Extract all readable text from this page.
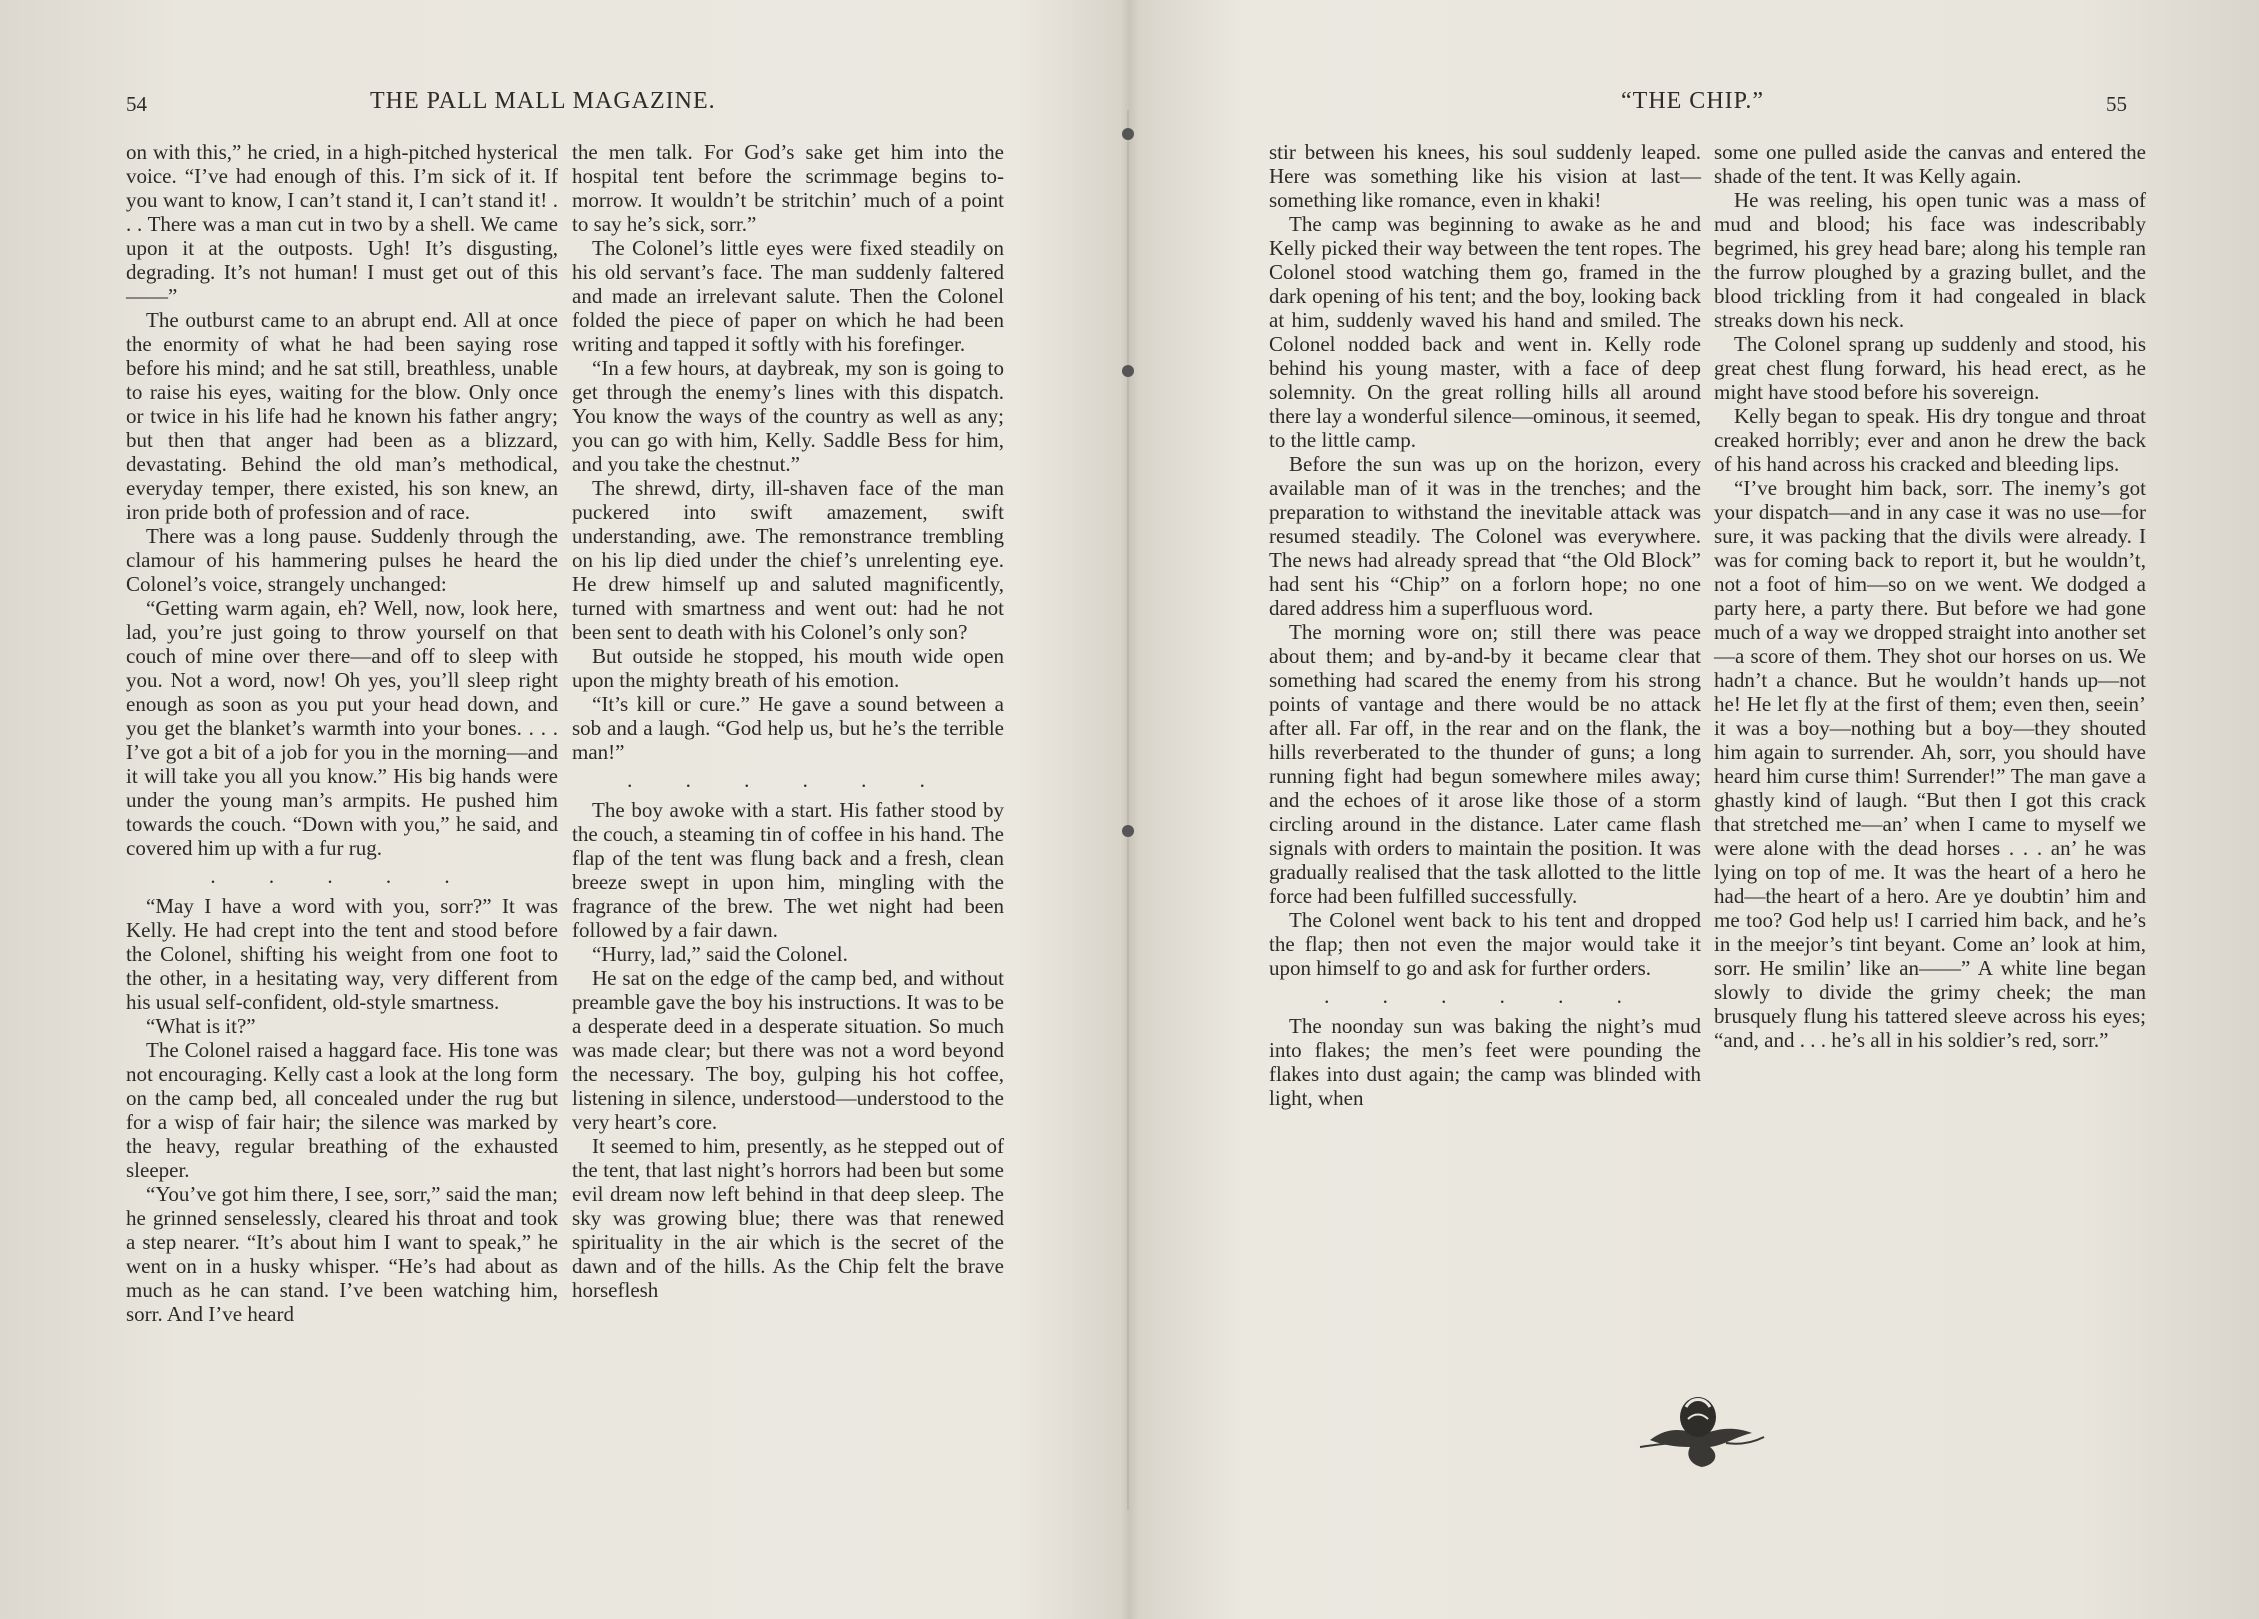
54	THE PALL MALL MAGAZINE.

on with this,” he cried, in a high-pitched hysterical voice. “I’ve had enough of this. I’m sick of it. If you want to know, I can’t stand it, I can’t stand it! . . . There was a man cut in two by a shell. We came upon it at the outposts. Ugh! It’s disgusting, degrading. It’s not human! I must get out of this——”

The outburst came to an abrupt end. All at once the enormity of what he had been saying rose before his mind; and he sat still, breathless, unable to raise his eyes, waiting for the blow. Only once or twice in his life had he known his father angry; but then that anger had been as a blizzard, devastating. Behind the old man’s methodical, everyday temper, there existed, his son knew, an iron pride both of profession and of race.

There was a long pause. Suddenly through the clamour of his hammering pulses he heard the Colonel’s voice, strangely unchanged:

“Getting warm again, eh? Well, now, look here, lad, you’re just going to throw yourself on that couch of mine over there—and off to sleep with you. Not a word, now! Oh yes, you’ll sleep right enough as soon as you put your head down, and you get the blanket’s warmth into your bones. . . . I’ve got a bit of a job for you in the morning—and it will take you all you know.” His big hands were under the young man’s armpits. He pushed him towards the couch. “Down with you,” he said, and covered him up with a fur rug.

. . . . .

“May I have a word with you, sorr?” It was Kelly. He had crept into the tent and stood before the Colonel, shifting his weight from one foot to the other, in a hesitating way, very different from his usual self-confident, old-style smartness.

“What is it?”

The Colonel raised a haggard face. His tone was not encouraging. Kelly cast a look at the long form on the camp bed, all concealed under the rug but for a wisp of fair hair; the silence was marked by the heavy, regular breathing of the exhausted sleeper.

“You’ve got him there, I see, sorr,” said the man; he grinned senselessly, cleared his throat and took a step nearer. “It’s about him I want to speak,” he went on in a husky whisper. “He’s had about as much as he can stand. I’ve been watching him, sorr. And I’ve heard

the men talk. For God’s sake get him into the hospital tent before the scrimmage begins to-morrow. It wouldn’t be stritchin’ much of a point to say he’s sick, sorr.”

The Colonel’s little eyes were fixed steadily on his old servant’s face. The man suddenly faltered and made an irrelevant salute. Then the Colonel folded the piece of paper on which he had been writing and tapped it softly with his forefinger.

“In a few hours, at daybreak, my son is going to get through the enemy’s lines with this dispatch. You know the ways of the country as well as any; you can go with him, Kelly. Saddle Bess for him, and you take the chestnut.”

The shrewd, dirty, ill-shaven face of the man puckered into swift amazement, swift understanding, awe. The remonstrance trembling on his lip died under the chief’s unrelenting eye. He drew himself up and saluted magnificently, turned with smartness and went out: had he not been sent to death with his Colonel’s only son?

But outside he stopped, his mouth wide open upon the mighty breath of his emotion.

“It’s kill or cure.” He gave a sound between a sob and a laugh. “God help us, but he’s the terrible man!”

. . . . . .

The boy awoke with a start. His father stood by the couch, a steaming tin of coffee in his hand. The flap of the tent was flung back and a fresh, clean breeze swept in upon him, mingling with the fragrance of the brew. The wet night had been followed by a fair dawn.

“Hurry, lad,” said the Colonel.

He sat on the edge of the camp bed, and without preamble gave the boy his instructions. It was to be a desperate deed in a desperate situation. So much was made clear; but there was not a word beyond the necessary. The boy, gulping his hot coffee, listening in silence, understood—understood to the very heart’s core.

It seemed to him, presently, as he stepped out of the tent, that last night’s horrors had been but some evil dream now left behind in that deep sleep. The sky was growing blue; there was that renewed spirituality in the air which is the secret of the dawn and of the hills. As the Chip felt the brave horseflesh

“THE CHIP.”	55

stir between his knees, his soul suddenly leaped. Here was something like his vision at last—something like romance, even in khaki!

The camp was beginning to awake as he and Kelly picked their way between the tent ropes. The Colonel stood watching them go, framed in the dark opening of his tent; and the boy, looking back at him, suddenly waved his hand and smiled. The Colonel nodded back and went in. Kelly rode behind his young master, with a face of deep solemnity. On the great rolling hills all around there lay a wonderful silence—ominous, it seemed, to the little camp.

Before the sun was up on the horizon, every available man of it was in the trenches; and the preparation to withstand the inevitable attack was resumed steadily. The Colonel was everywhere. The news had already spread that “the Old Block” had sent his “Chip” on a forlorn hope; no one dared address him a superfluous word.

The morning wore on; still there was peace about them; and by-and-by it became clear that something had scared the enemy from his strong points of vantage and there would be no attack after all. Far off, in the rear and on the flank, the hills reverberated to the thunder of guns; a long running fight had begun somewhere miles away; and the echoes of it arose like those of a storm circling around in the distance. Later came flash signals with orders to maintain the position. It was gradually realised that the task allotted to the little force had been fulfilled successfully.

The Colonel went back to his tent and dropped the flap; then not even the major would take it upon himself to go and ask for further orders.

. . . . . .

The noonday sun was baking the night’s mud into flakes; the men’s feet were pounding the flakes into dust again; the camp was blinded with light, when

some one pulled aside the canvas and entered the shade of the tent. It was Kelly again.

He was reeling, his open tunic was a mass of mud and blood; his face was indescribably begrimed, his grey head bare; along his temple ran the furrow ploughed by a grazing bullet, and the blood trickling from it had congealed in black streaks down his neck.

The Colonel sprang up suddenly and stood, his great chest flung forward, his head erect, as he might have stood before his sovereign.

Kelly began to speak. His dry tongue and throat creaked horribly; ever and anon he drew the back of his hand across his cracked and bleeding lips.

“I’ve brought him back, sorr. The inemy’s got your dispatch—and in any case it was no use—for sure, it was packing that the divils were already. I was for coming back to report it, but he wouldn’t, not a foot of him—so on we went. We dodged a party here, a party there. But before we had gone much of a way we dropped straight into another set—a score of them. They shot our horses on us. We hadn’t a chance. But he wouldn’t hands up—not he! He let fly at the first of them; even then, seein’ it was a boy—nothing but a boy—they shouted him again to surrender. Ah, sorr, you should have heard him curse thim! Surrender!” The man gave a ghastly kind of laugh. “But then I got this crack that stretched me—an’ when I came to myself we were alone with the dead horses . . . an’ he was lying on top of me. It was the heart of a hero he had—the heart of a hero. Are ye doubtin’ him and me too? God help us! I carried him back, and he’s in the meejor’s tint beyant. Come an’ look at him, sorr. He smilin’ like an——” A white line began slowly to divide the grimy cheek; the man brusquely flung his tattered sleeve across his eyes; “and, and . . . he’s all in his soldier’s red, sorr.”
